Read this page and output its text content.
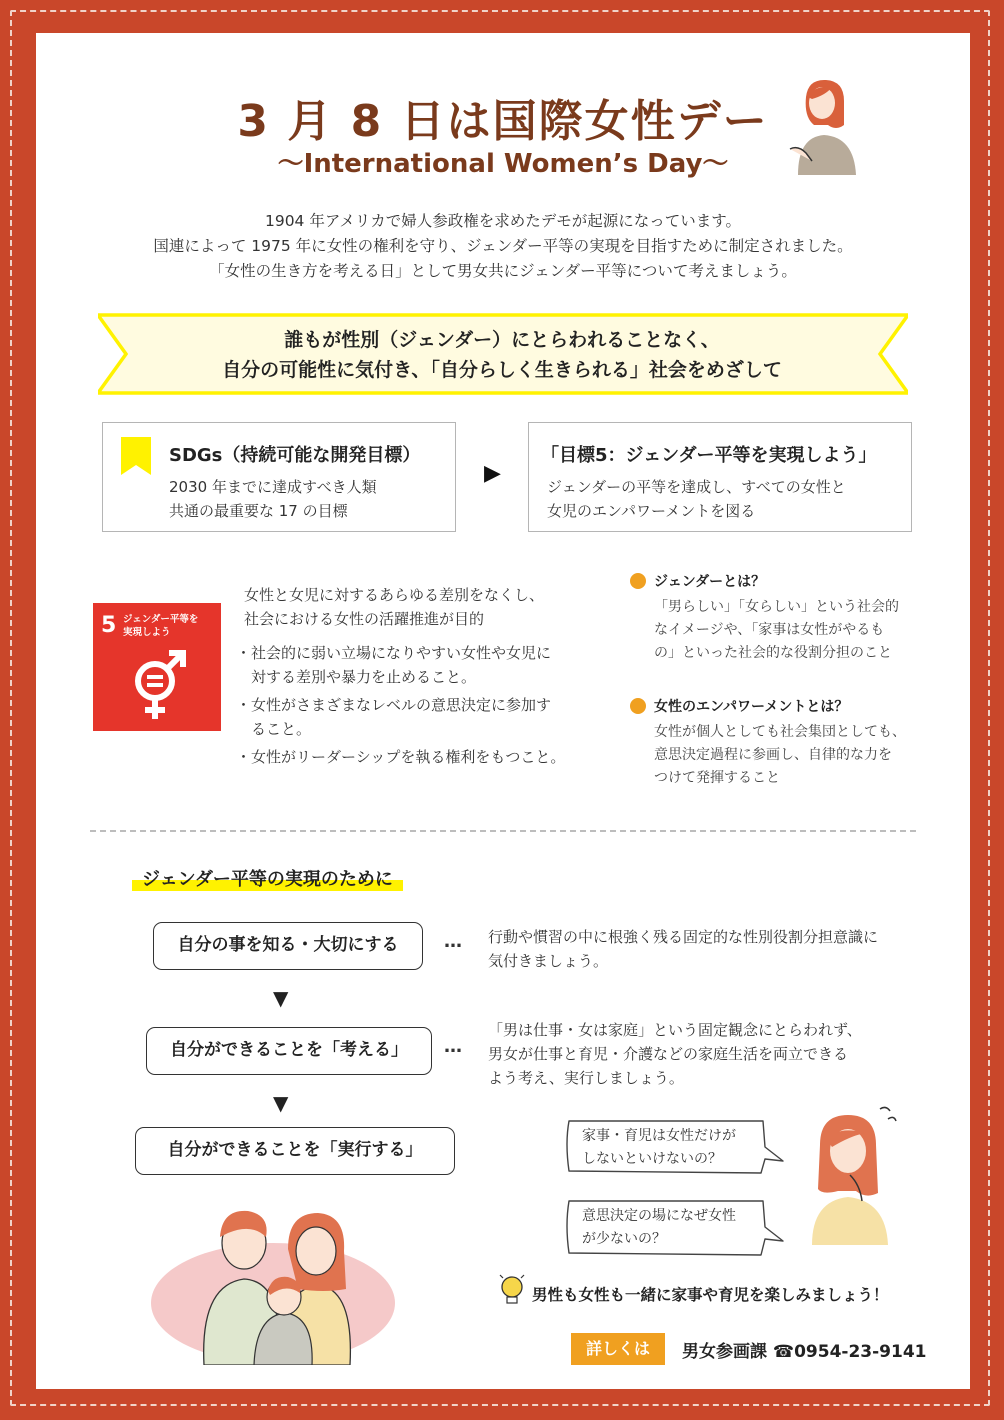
3 月 8 日は国際女性デー
～International Women’s Day～
1904 年アメリカで婦人参政権を求めたデモが起源になっています。
国連によって 1975 年に女性の権利を守り、ジェンダー平等の実現を目指すために制定されました。
「女性の生き方を考える日」として男女共にジェンダー平等について考えましょう。
誰もが性別（ジェンダー）にとらわれることなく、
自分の可能性に気付き、「自分らしく生きられる」社会をめざして
SDGs（持続可能な開発目標）
2030 年までに達成すべき人類
共通の最重要な 17 の目標
▶
「目標5：ジェンダー平等を実現しよう」
ジェンダーの平等を達成し、すべての女性と
女児のエンパワーメントを図る
5 ジェンダー平等を
実現しよう
女性と女児に対するあらゆる差別をなくし、
社会における女性の活躍推進が目的
・社会的に弱い立場になりやすい女性や女児に
　対する差別や暴力を止めること。
・女性がさまざまなレベルの意思決定に参加す
　ること。
・女性がリーダーシップを執る権利をもつこと。
ジェンダーとは？
「男らしい」「女らしい」という社会的
なイメージや、「家事は女性がやるも
の」といった社会的な役割分担のこと
女性のエンパワーメントとは？
女性が個人としても社会集団としても、
意思決定過程に参画し、自律的な力を
つけて発揮すること
ジェンダー平等の実現のために
自分の事を知る・大切にする	… 行動や慣習の中に根強く残る固定的な性別役割分担意識に
気付きましょう。
▼
自分ができることを「考える」	…
「男は仕事・女は家庭」という固定観念にとらわれず、
男女が仕事と育児・介護などの家庭生活を両立できる
よう考え、実行しましょう。
▼
自分ができることを「実行する」
家事・育児は女性だけが
しないといけないの？
意思決定の場になぜ女性
が少ないの？
男性も女性も一緒に家事や育児を楽しみましょう！
詳しくは	男女参画課 ☎0954-23-9141
